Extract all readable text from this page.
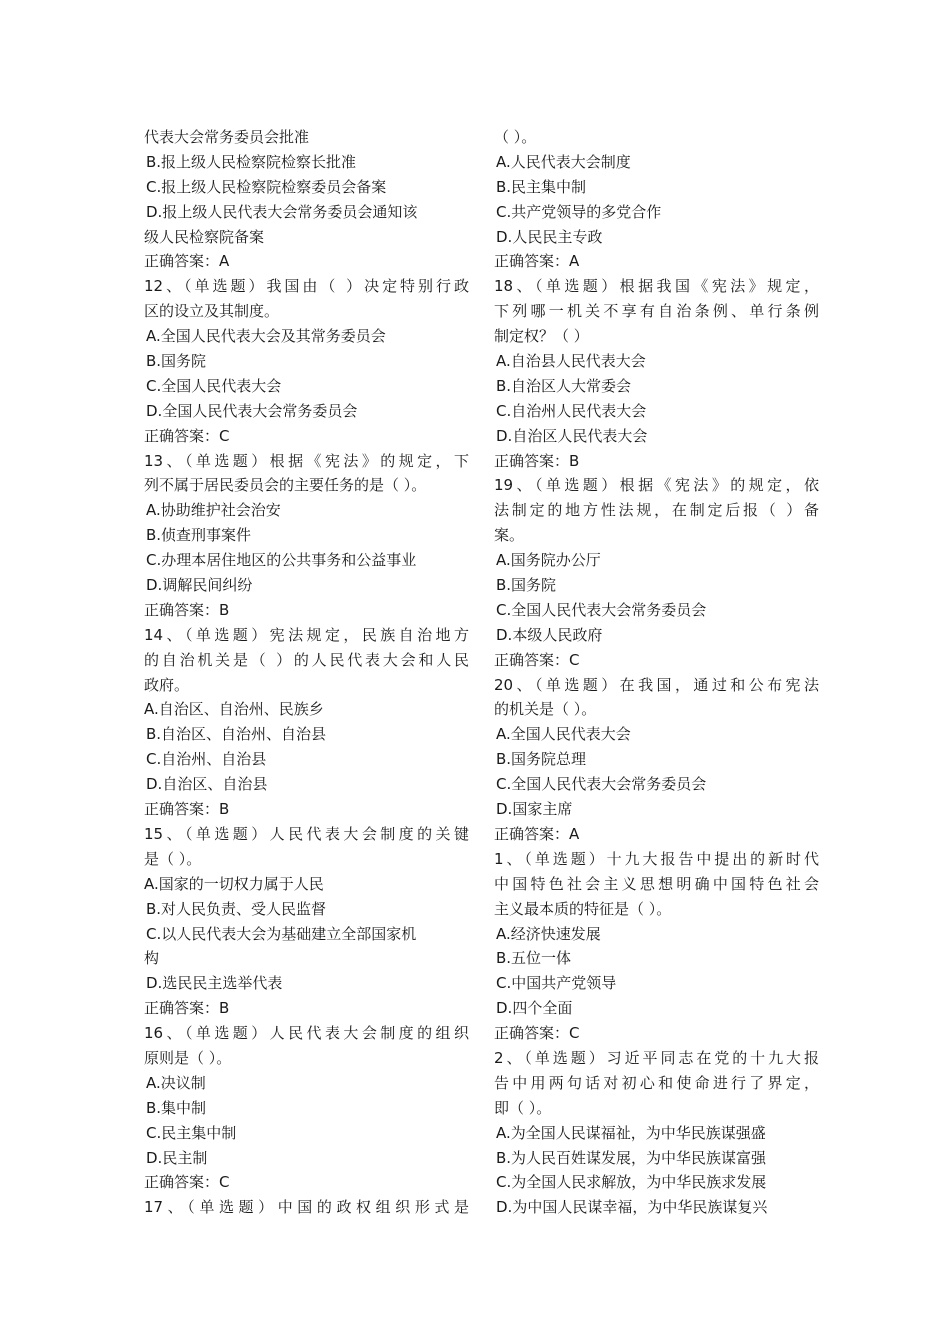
代表大会常务委员会批准
B.报上级人民检察院检察长批准
C.报上级人民检察院检察委员会备案
D.报上级人民代表大会常务委员会通知该
级人民检察院备案
正确答案：A
12、（单选题）我国由（ ）决定特别行政
区的设立及其制度。
A.全国人民代表大会及其常务委员会
B.国务院
C.全国人民代表大会
D.全国人民代表大会常务委员会
正确答案：C
13、（单选题）根据《宪法》的规定，下
列不属于居民委员会的主要任务的是（ ）。
A.协助维护社会治安
B.侦查刑事案件
C.办理本居住地区的公共事务和公益事业
D.调解民间纠纷
正确答案：B
14、（单选题）宪法规定，民族自治地方
的自治机关是（ ）的人民代表大会和人民
政府。
A.自治区、自治州、民族乡
B.自治区、自治州、自治县
C.自治州、自治县
D.自治区、自治县
正确答案：B
15、（单选题）人民代表大会制度的关键
是（ ）。
A.国家的一切权力属于人民
B.对人民负责、受人民监督
C.以人民代表大会为基础建立全部国家机
构
D.选民民主选举代表
正确答案：B
16、（单选题）人民代表大会制度的组织
原则是（ ）。
A.决议制
B.集中制
C.民主集中制
D.民主制
正确答案：C
17、（单选题）中国的政权组织形式是
（ ）。
A.人民代表大会制度
B.民主集中制
C.共产党领导的多党合作
D.人民民主专政
正确答案：A
18、（单选题）根据我国《宪法》规定，
下列哪一机关不享有自治条例、单行条例
制定权？（ ）
A.自治县人民代表大会
B.自治区人大常委会
C.自治州人民代表大会
D.自治区人民代表大会
正确答案：B
19、（单选题）根据《宪法》的规定，依
法制定的地方性法规，在制定后报（ ）备
案。
A.国务院办公厅
B.国务院
C.全国人民代表大会常务委员会
D.本级人民政府
正确答案：C
20、（单选题）在我国，通过和公布宪法
的机关是（ ）。
A.全国人民代表大会
B.国务院总理
C.全国人民代表大会常务委员会
D.国家主席
正确答案：A
1、（单选题）十九大报告中提出的新时代
中国特色社会主义思想明确中国特色社会
主义最本质的特征是（ ）。
A.经济快速发展
B.五位一体
C.中国共产党领导
D.四个全面
正确答案：C
2、（单选题）习近平同志在党的十九大报
告中用两句话对初心和使命进行了界定，
即（ ）。
A.为全国人民谋福祉，为中华民族谋强盛
B.为人民百姓谋发展，为中华民族谋富强
C.为全国人民求解放，为中华民族求发展
D.为中国人民谋幸福，为中华民族谋复兴
